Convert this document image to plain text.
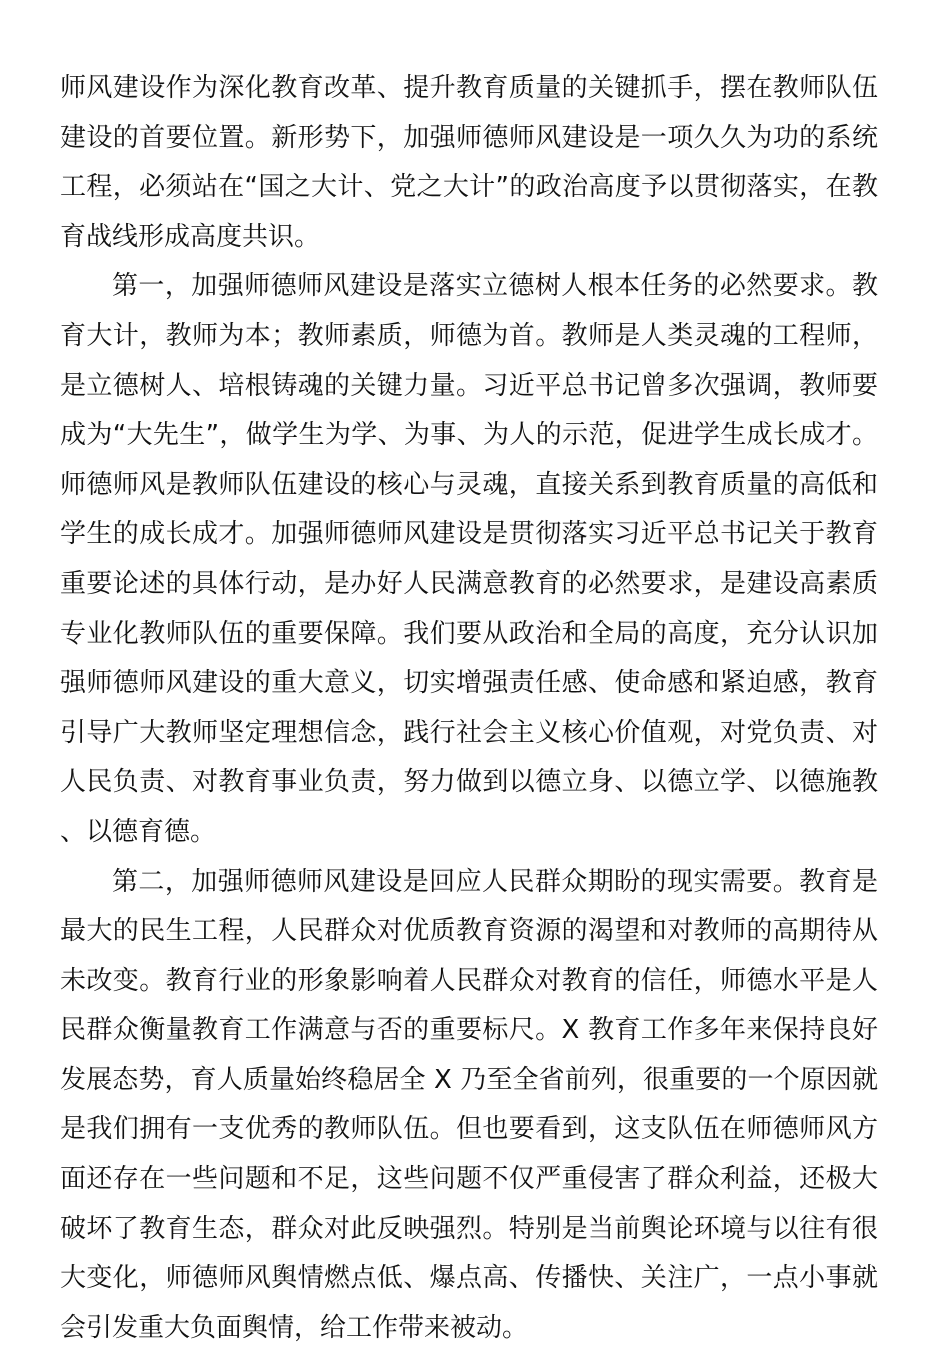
师风建设作为深化教育改革、提升教育质量的关键抓手，摆在教师队伍建设的首要位置。新形势下，加强师德师风建设是一项久久为功的系统工程，必须站在“国之大计、党之大计”的政治高度予以贯彻落实，在教育战线形成高度共识。

第一，加强师德师风建设是落实立德树人根本任务的必然要求。教育大计，教师为本；教师素质，师德为首。教师是人类灵魂的工程师，是立德树人、培根铸魂的关键力量。习近平总书记曾多次强调，教师要成为“大先生”，做学生为学、为事、为人的示范，促进学生成长成才。师德师风是教师队伍建设的核心与灵魂，直接关系到教育质量的高低和学生的成长成才。加强师德师风建设是贯彻落实习近平总书记关于教育重要论述的具体行动，是办好人民满意教育的必然要求，是建设高素质专业化教师队伍的重要保障。我们要从政治和全局的高度，充分认识加强师德师风建设的重大意义，切实增强责任感、使命感和紧迫感，教育引导广大教师坚定理想信念，践行社会主义核心价值观，对党负责、对人民负责、对教育事业负责，努力做到以德立身、以德立学、以德施教、以德育德。

第二，加强师德师风建设是回应人民群众期盼的现实需要。教育是最大的民生工程，人民群众对优质教育资源的渴望和对教师的高期待从未改变。教育行业的形象影响着人民群众对教育的信任，师德水平是人民群众衡量教育工作满意与否的重要标尺。X 教育工作多年来保持良好发展态势，育人质量始终稳居全 X 乃至全省前列，很重要的一个原因就是我们拥有一支优秀的教师队伍。但也要看到，这支队伍在师德师风方面还存在一些问题和不足，这些问题不仅严重侵害了群众利益，还极大破坏了教育生态，群众对此反映强烈。特别是当前舆论环境与以往有很大变化，师德师风舆情燃点低、爆点高、传播快、关注广，一点小事就会引发重大负面舆情，给工作带来被动。
